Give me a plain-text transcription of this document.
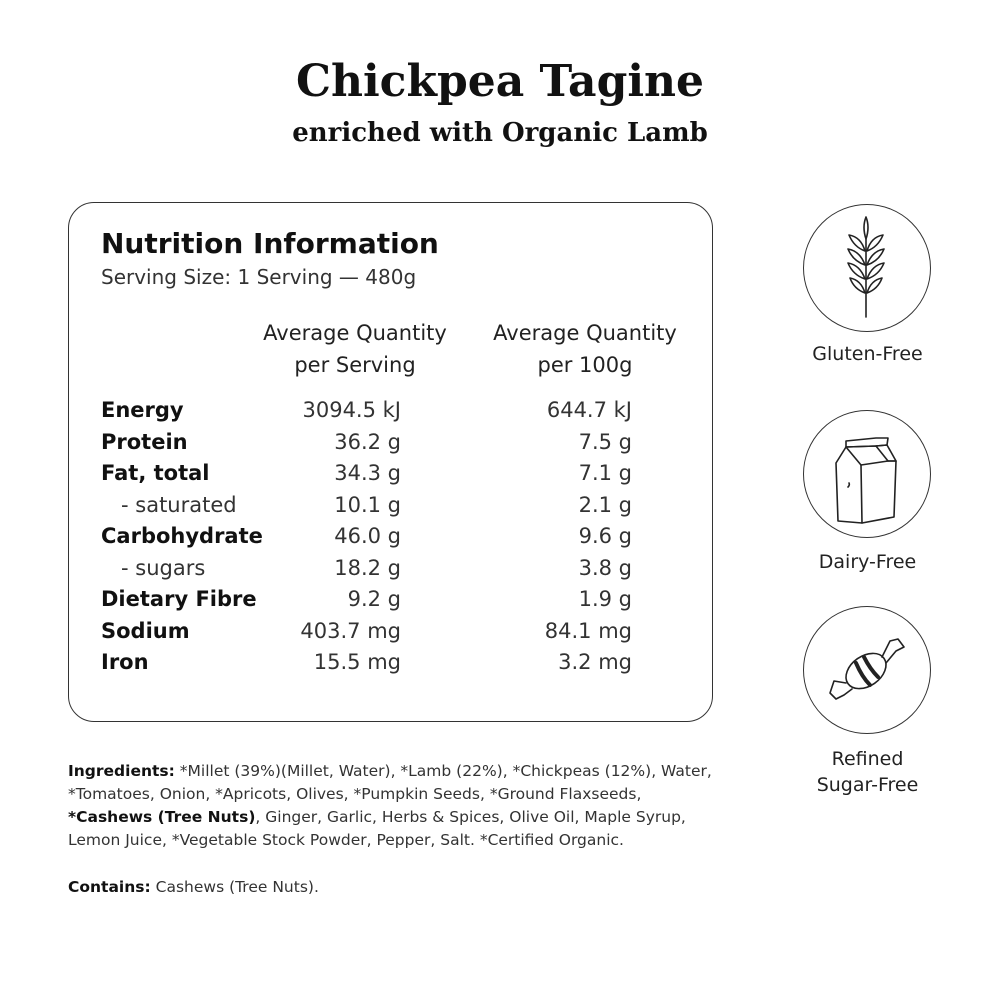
Chickpea Tagine
enriched with Organic Lamb
Nutrition Information
Serving Size: 1 Serving — 480g
Average Quantity
per Serving
Average Quantity
per 100g
Energy	3094.5 kJ	644.7 kJ
Protein	36.2 g	7.5 g
Fat, total	34.3 g	7.1 g
- saturated	10.1 g	2.1 g
Carbohydrate	46.0 g	9.6 g
- sugars	18.2 g	3.8 g
Dietary Fibre	9.2 g	1.9 g
Sodium	403.7 mg	84.1 mg
Iron	15.5 mg	3.2 mg
Gluten-Free
Dairy-Free
Refined
Sugar-Free
Ingredients: *Millet (39%)(Millet, Water), *Lamb (22%), *Chickpeas (12%), Water, *Tomatoes, Onion, *Apricots, Olives, *Pumpkin Seeds, *Ground Flaxseeds, *Cashews (Tree Nuts), Ginger, Garlic, Herbs & Spices, Olive Oil, Maple Syrup, Lemon Juice, *Vegetable Stock Powder, Pepper, Salt. *Certified Organic.
Contains: Cashews (Tree Nuts).
